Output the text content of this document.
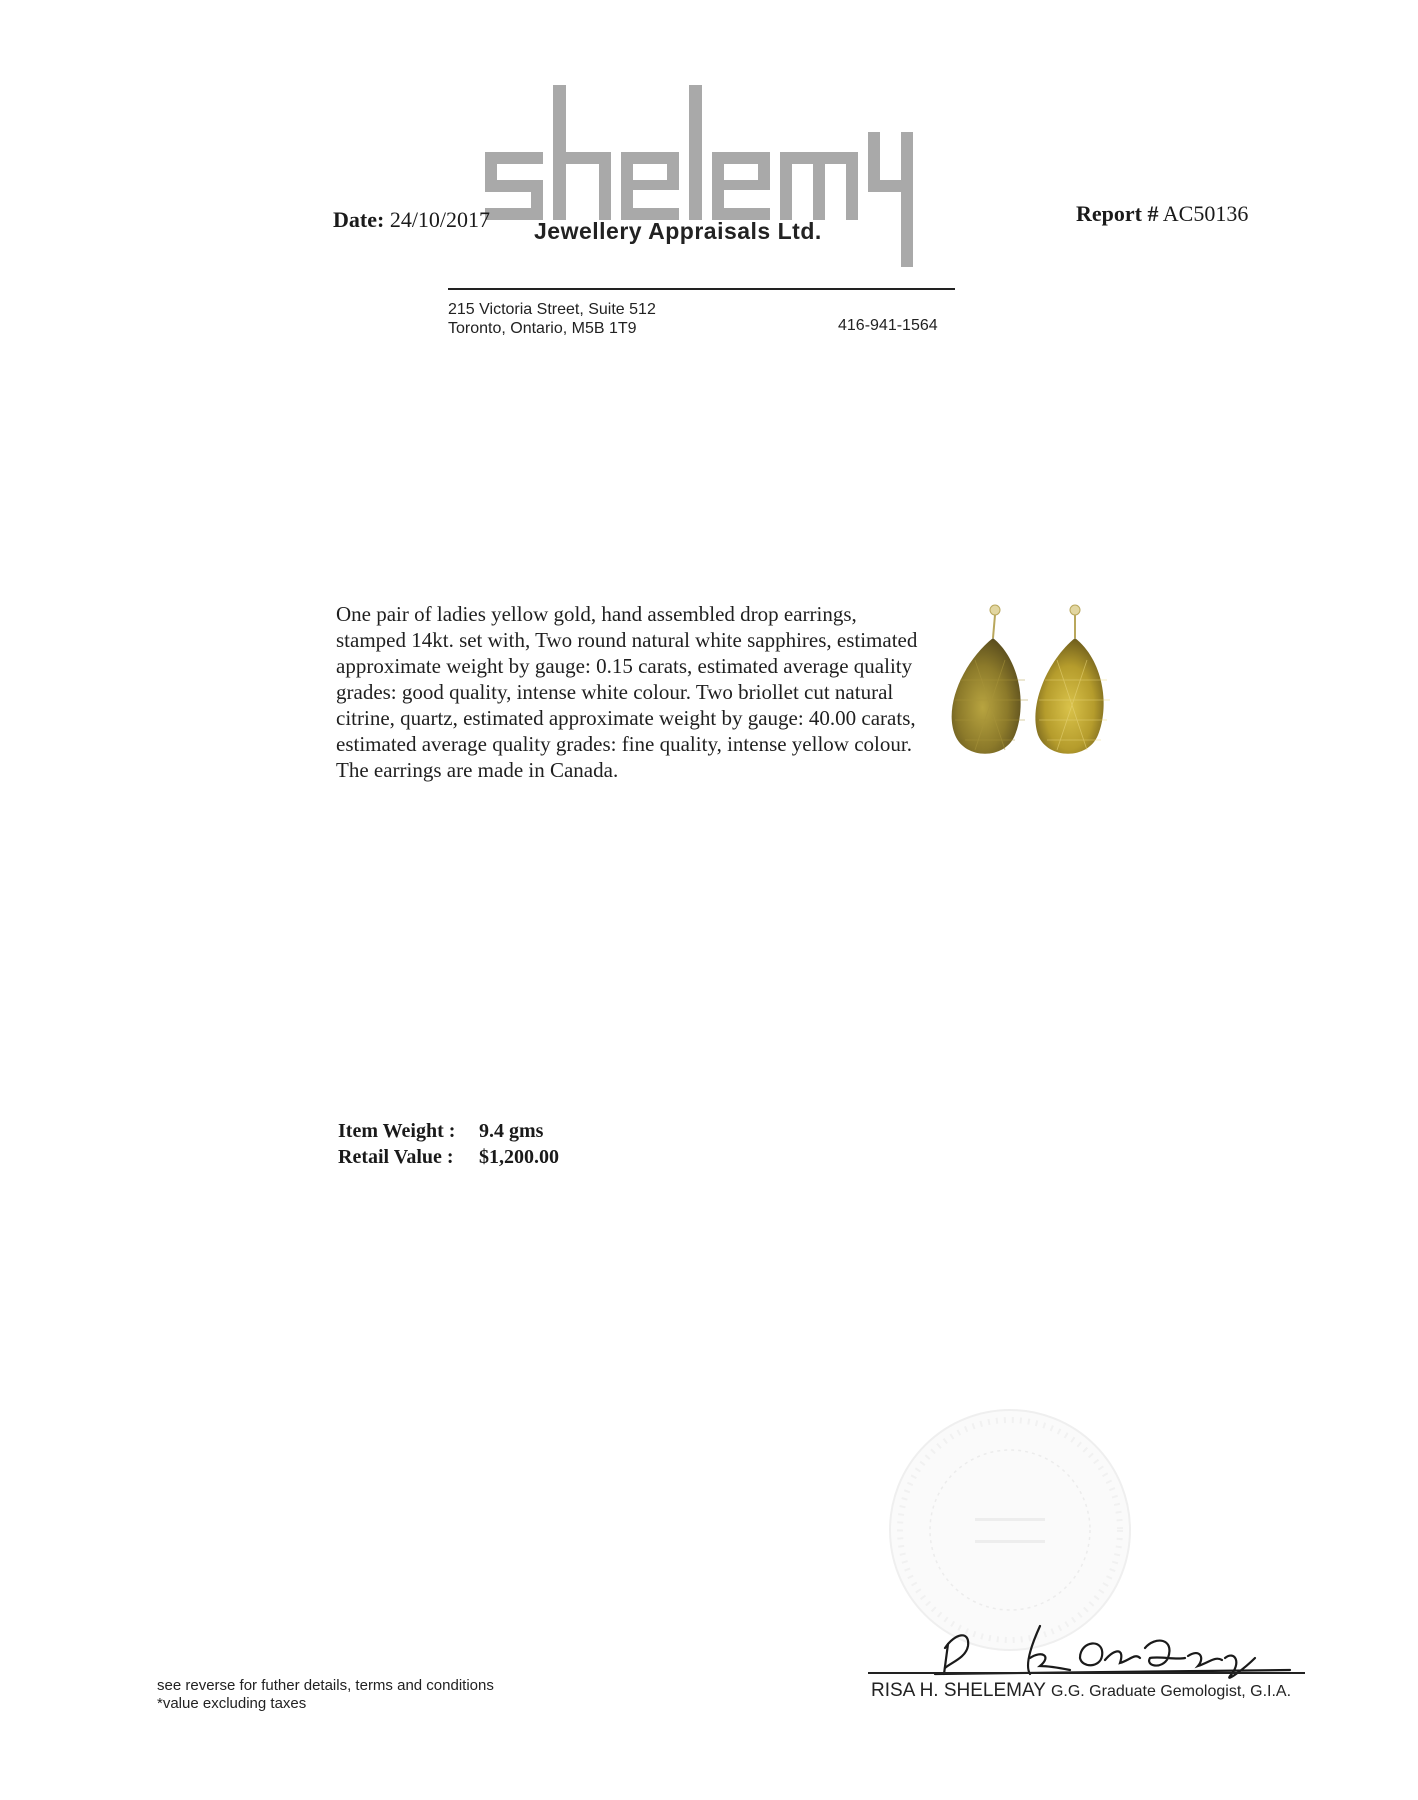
Date: 24/10/2017 Jewellery Appraisals Ltd.
Report # AC50136
215 Victoria Street, Suite 512
Toronto, Ontario, M5B 1T9	416-941-1564
One pair of ladies yellow gold, hand assembled drop earrings, stamped 14kt. set with, Two round natural white sapphires, estimated approximate weight by gauge: 0.15 carats, estimated average quality grades: good quality, intense white colour. Two briollet cut natural citrine, quartz, estimated approximate weight by gauge: 40.00 carats, estimated average quality grades: fine quality, intense yellow colour. The earrings are made in Canada.
Item Weight : 9.4 gms
Retail Value : $1,200.00
RISA H. SHELEMAY G.G. Graduate Gemologist, G.I.A.
see reverse for futher details, terms and conditions
*value excluding taxes
